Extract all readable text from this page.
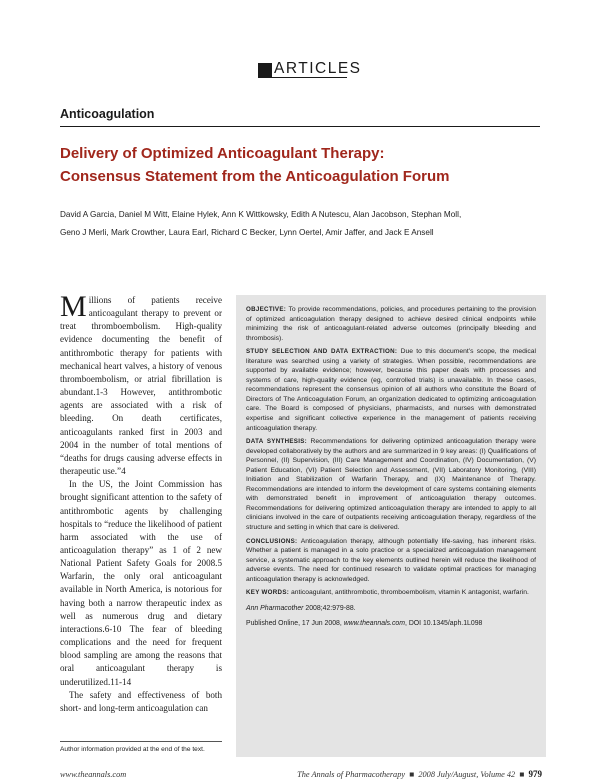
ARTICLES
Anticoagulation
Delivery of Optimized Anticoagulant Therapy:
Consensus Statement from the Anticoagulation Forum
David A Garcia, Daniel M Witt, Elaine Hylek, Ann K Wittkowsky, Edith A Nutescu, Alan Jacobson, Stephan Moll,
Geno J Merli, Mark Crowther, Laura Earl, Richard C Becker, Lynn Oertel, Amir Jaffer, and Jack E Ansell

Millions of patients receive anticoagulant therapy to prevent or treat thromboembolism. High-quality evidence documenting the benefit of antithrombotic therapy for patients with mechanical heart valves, a history of venous thromboembolism, or atrial fibrillation is abundant.1-3 However, antithrombotic agents are associated with a risk of bleeding. On death certificates, anticoagulants ranked first in 2003 and 2004 in the number of total mentions of “deaths for drugs causing adverse effects in therapeutic use.”4

In the US, the Joint Commission has brought significant attention to the safety of antithrombotic agents by challenging hospitals to “reduce the likelihood of patient harm associated with the use of anticoagulation therapy” as 1 of 2 new National Patient Safety Goals for 2008.5 Warfarin, the only oral anticoagulant available in North America, is notorious for having both a narrow therapeutic index as well as numerous drug and dietary interactions.6-10 The fear of bleeding complications and the need for frequent blood sampling are among the reasons that oral anticoagulant therapy is underutilized.11-14

The safety and effectiveness of both short- and long-term anticoagulation can

OBJECTIVE: To provide recommendations, policies, and procedures pertaining to the provision of optimized anticoagulation therapy designed to achieve desired clinical endpoints while minimizing the risk of anticoagulant-related adverse outcomes (principally bleeding and thrombosis).

STUDY SELECTION AND DATA EXTRACTION: Due to this document’s scope, the medical literature was searched using a variety of strategies. When possible, recommendations are supported by available evidence; however, because this paper deals with processes and systems of care, high-quality evidence (eg, controlled trials) is unavailable. In these cases, recommendations represent the consensus opinion of all authors who constitute the Board of Directors of The Anticoagulation Forum, an organization dedicated to optimizing anticoagulation care. The Board is composed of physicians, pharmacists, and nurses with demonstrated expertise and significant collective experience in the management of patients receiving anticoagulation therapy.

DATA SYNTHESIS: Recommendations for delivering optimized anticoagulation therapy were developed collaboratively by the authors and are summarized in 9 key areas: (I) Qualifications of Personnel, (II) Supervision, (III) Care Management and Coordination, (IV) Documentation, (V) Patient Education, (VI) Patient Selection and Assessment, (VII) Laboratory Monitoring, (VIII) Initiation and Stabilization of Warfarin Therapy, and (IX) Maintenance of Therapy. Recommendations are intended to inform the development of care systems containing elements with demonstrated benefit in improvement of anticoagulation therapy outcomes. Recommendations for delivering optimized anticoagulation therapy are intended to apply to all clinicians involved in the care of outpatients receiving anticoagulation therapy, regardless of the structure and setting in which that care is delivered.

CONCLUSIONS: Anticoagulation therapy, although potentially life-saving, has inherent risks. Whether a patient is managed in a solo practice or a specialized anticoagulation management service, a systematic approach to the key elements outlined herein will reduce the likelihood of adverse events. The need for continued research to validate optimal practices for managing anticoagulation therapy is acknowledged.

KEY WORDS: anticoagulant, antithrombotic, thromboembolism, vitamin K antagonist, warfarin.

Ann Pharmacother 2008;42:979-88.

Published Online, 17 Jun 2008, www.theannals.com, DOI 10.1345/aph.1L098

Author information provided at the end of the text.
www.theannals.com	The Annals of Pharmacotherapy ■ 2008 July/August, Volume 42 ■ 979
